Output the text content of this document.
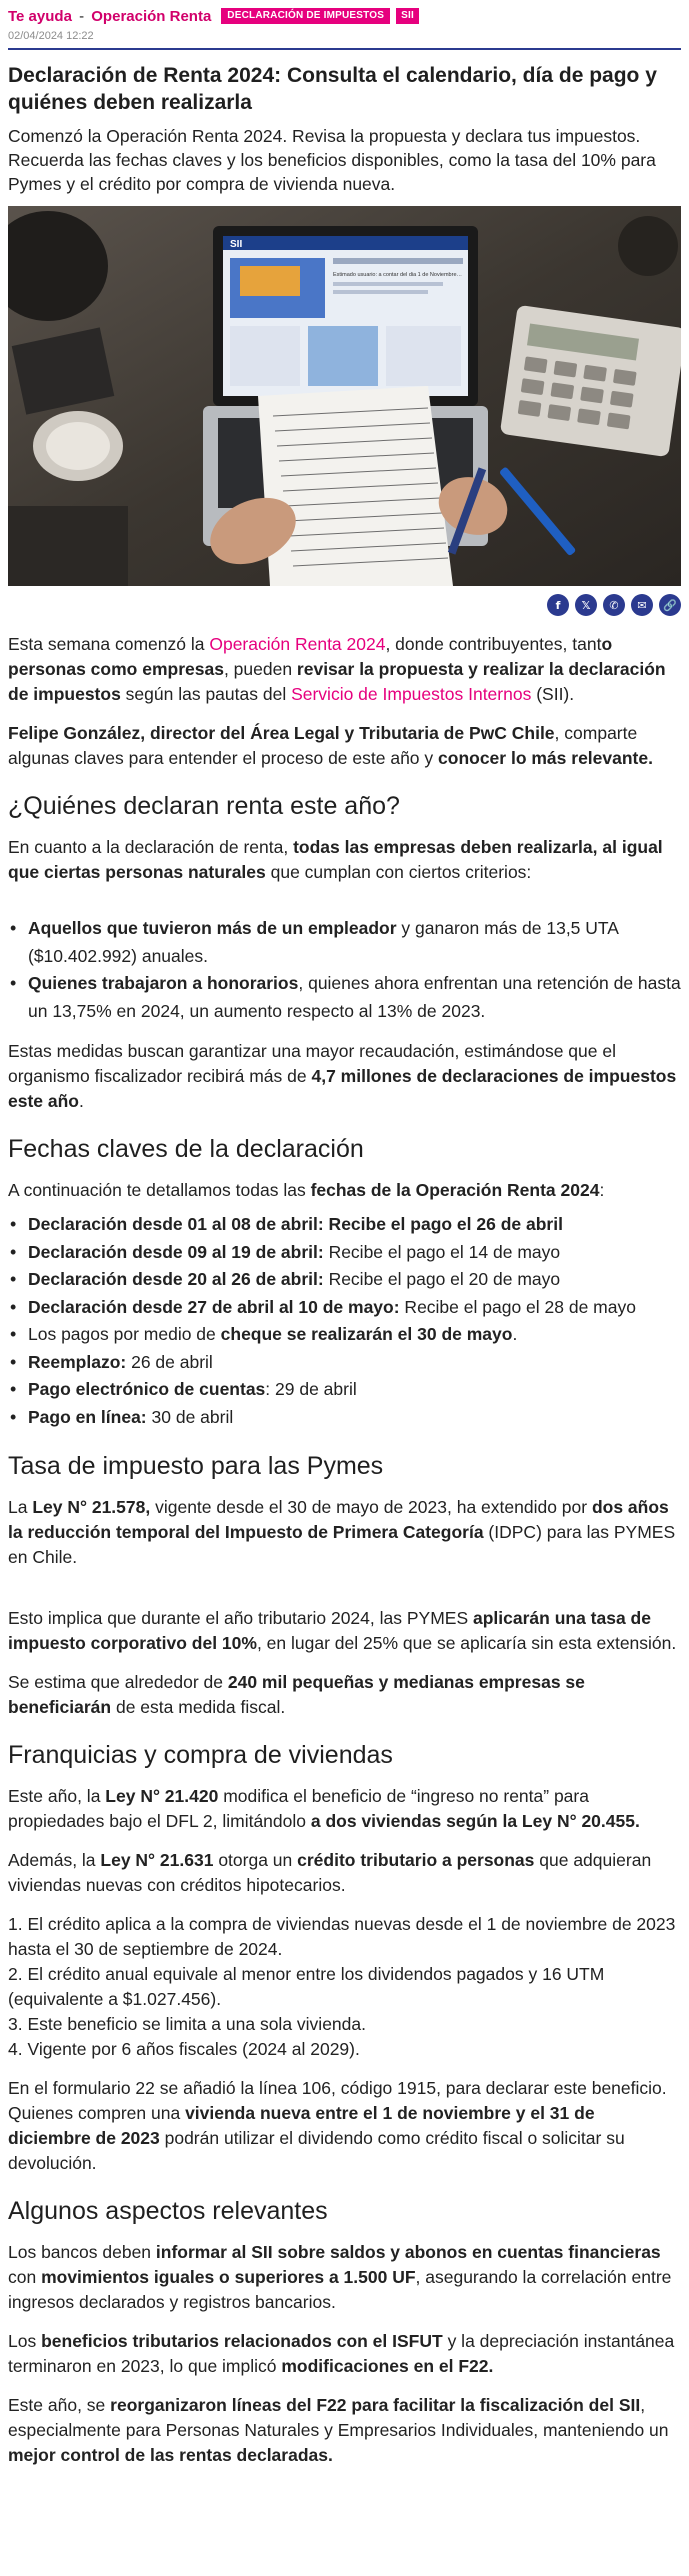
Te ayuda - Operación Renta	DECLARACIÓN DE IMPUESTOS	SII
02/04/2024 12:22
Declaración de Renta 2024: Consulta el calendario, día de pago y quiénes deben realizarla
Comenzó la Operación Renta 2024. Revisa la propuesta y declara tus impuestos. Recuerda las fechas claves y los beneficios disponibles, como la tasa del 10% para Pymes y el crédito por compra de vivienda nueva.
SII
Estimado usuario: a contar del dia 1 de Noviembre…
f	𝕏	✆	✉	🔗

Esta semana comenzó la Operación Renta 2024, donde contribuyentes, tanto personas como empresas, pueden revisar la propuesta y realizar la declaración de impuestos según las pautas del Servicio de Impuestos Internos (SII).

Felipe González, director del Área Legal y Tributaria de PwC Chile, comparte algunas claves para entender el proceso de este año y conocer lo más relevante.

¿Quiénes declaran renta este año?

En cuanto a la declaración de renta, todas las empresas deben realizarla, al igual que ciertas personas naturales que cumplan con ciertos criterios:

• Aquellos que tuvieron más de un empleador y ganaron más de 13,5 UTA ($10.402.992) anuales.
• Quienes trabajaron a honorarios, quienes ahora enfrentan una retención de hasta un 13,75% en 2024, un aumento respecto al 13% de 2023.

Estas medidas buscan garantizar una mayor recaudación, estimándose que el organismo fiscalizador recibirá más de 4,7 millones de declaraciones de impuestos este año.

Fechas claves de la declaración

A continuación te detallamos todas las fechas de la Operación Renta 2024:

• Declaración desde 01 al 08 de abril: Recibe el pago el 26 de abril
• Declaración desde 09 al 19 de abril: Recibe el pago el 14 de mayo
• Declaración desde 20 al 26 de abril: Recibe el pago el 20 de mayo
• Declaración desde 27 de abril al 10 de mayo: Recibe el pago el 28 de mayo
• Los pagos por medio de cheque se realizarán el 30 de mayo.
• Reemplazo: 26 de abril
• Pago electrónico de cuentas: 29 de abril
• Pago en línea: 30 de abril
Tasa de impuesto para las Pymes

La Ley N° 21.578, vigente desde el 30 de mayo de 2023, ha extendido por dos años la reducción temporal del Impuesto de Primera Categoría (IDPC) para las PYMES en Chile.

Esto implica que durante el año tributario 2024, las PYMES aplicarán una tasa de impuesto corporativo del 10%, en lugar del 25% que se aplicaría sin esta extensión.

Se estima que alrededor de 240 mil pequeñas y medianas empresas se beneficiarán de esta medida fiscal.

Franquicias y compra de viviendas

Este año, la Ley N° 21.420 modifica el beneficio de “ingreso no renta” para propiedades bajo el DFL 2, limitándolo a dos viviendas según la Ley N° 20.455.

Además, la Ley N° 21.631 otorga un crédito tributario a personas que adquieran viviendas nuevas con créditos hipotecarios.

1. El crédito aplica a la compra de viviendas nuevas desde el 1 de noviembre de 2023 hasta el 30 de septiembre de 2024.

2. El crédito anual equivale al menor entre los dividendos pagados y 16 UTM (equivalente a $1.027.456).

3. Este beneficio se limita a una sola vivienda.

4. Vigente por 6 años fiscales (2024 al 2029).

En el formulario 22 se añadió la línea 106, código 1915, para declarar este beneficio. Quienes compren una vivienda nueva entre el 1 de noviembre y el 31 de diciembre de 2023 podrán utilizar el dividendo como crédito fiscal o solicitar su devolución.

Algunos aspectos relevantes

Los bancos deben informar al SII sobre saldos y abonos en cuentas financieras con movimientos iguales o superiores a 1.500 UF, asegurando la correlación entre ingresos declarados y registros bancarios.

Los beneficios tributarios relacionados con el ISFUT y la depreciación instantánea terminaron en 2023, lo que implicó modificaciones en el F22.

Este año, se reorganizaron líneas del F22 para facilitar la fiscalización del SII, especialmente para Personas Naturales y Empresarios Individuales, manteniendo un mejor control de las rentas declaradas.
